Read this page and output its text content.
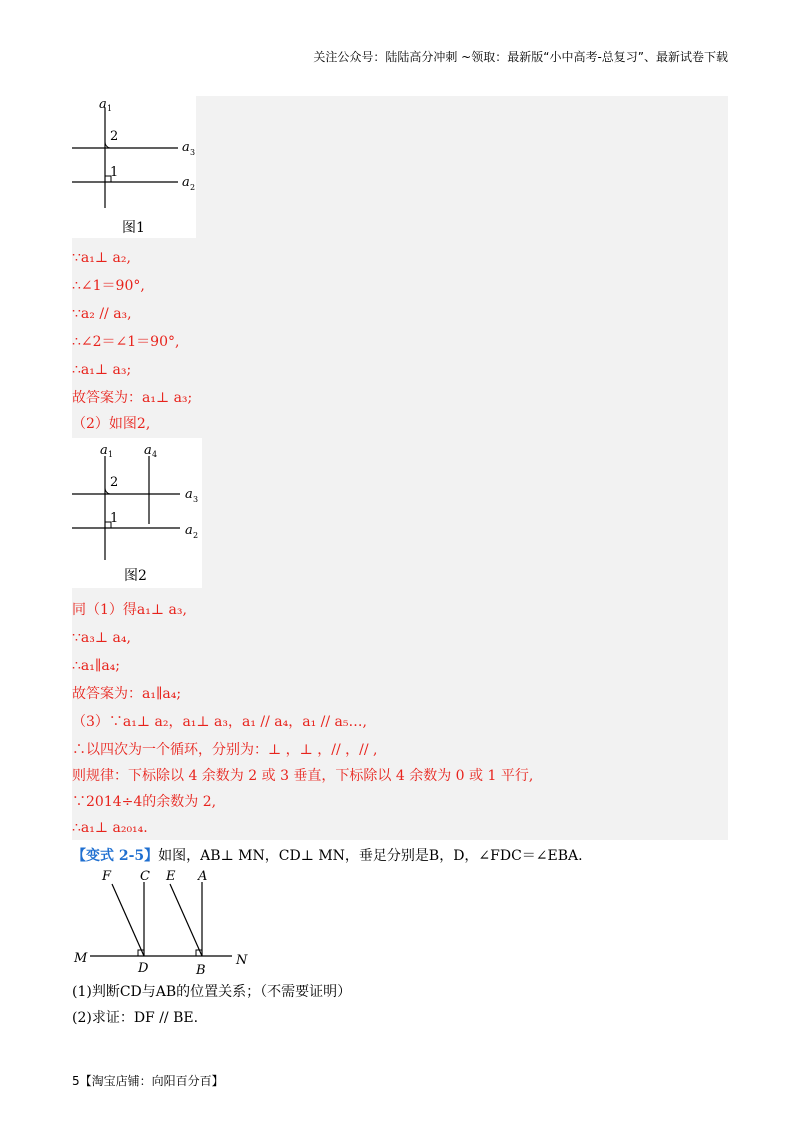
关注公众号：陆陆高分冲刺 ~领取：最新版“小中高考-总复习”、最新试卷下载
a 1
a 3
a 2
2
1
图1
∵a₁⊥ a₂,
∴∠1＝90°,
∵a₂ // a₃,
∴∠2＝∠1＝90°,
∴a₁⊥ a₃;
故答案为：a₁⊥ a₃;
（2）如图2,
a 1 a 4
a 3
a 2
2
1
图2
同（1）得a₁⊥ a₃,
∵a₃⊥ a₄,
∴a₁∥a₄;
故答案为：a₁∥a₄;
（3）∵a₁⊥ a₂，a₁⊥ a₃，a₁ // a₄，a₁ // a₅…,
∴以四次为一个循环，分别为：⊥ ，⊥ ，// ，// ,
则规律：下标除以 4 余数为 2 或 3 垂直，下标除以 4 余数为 0 或 1 平行,
∵2014÷4的余数为 2,
∴a₁⊥ a₂₀₁₄.
【变式 2-5】如图，AB⊥ MN，CD⊥ MN，垂足分别是B，D，∠FDC＝∠EBA.
F C E A
M
D	B
N
(1)判断CD与AB的位置关系；（不需要证明）
(2)求证：DF // BE.
5【淘宝店铺：向阳百分百】
